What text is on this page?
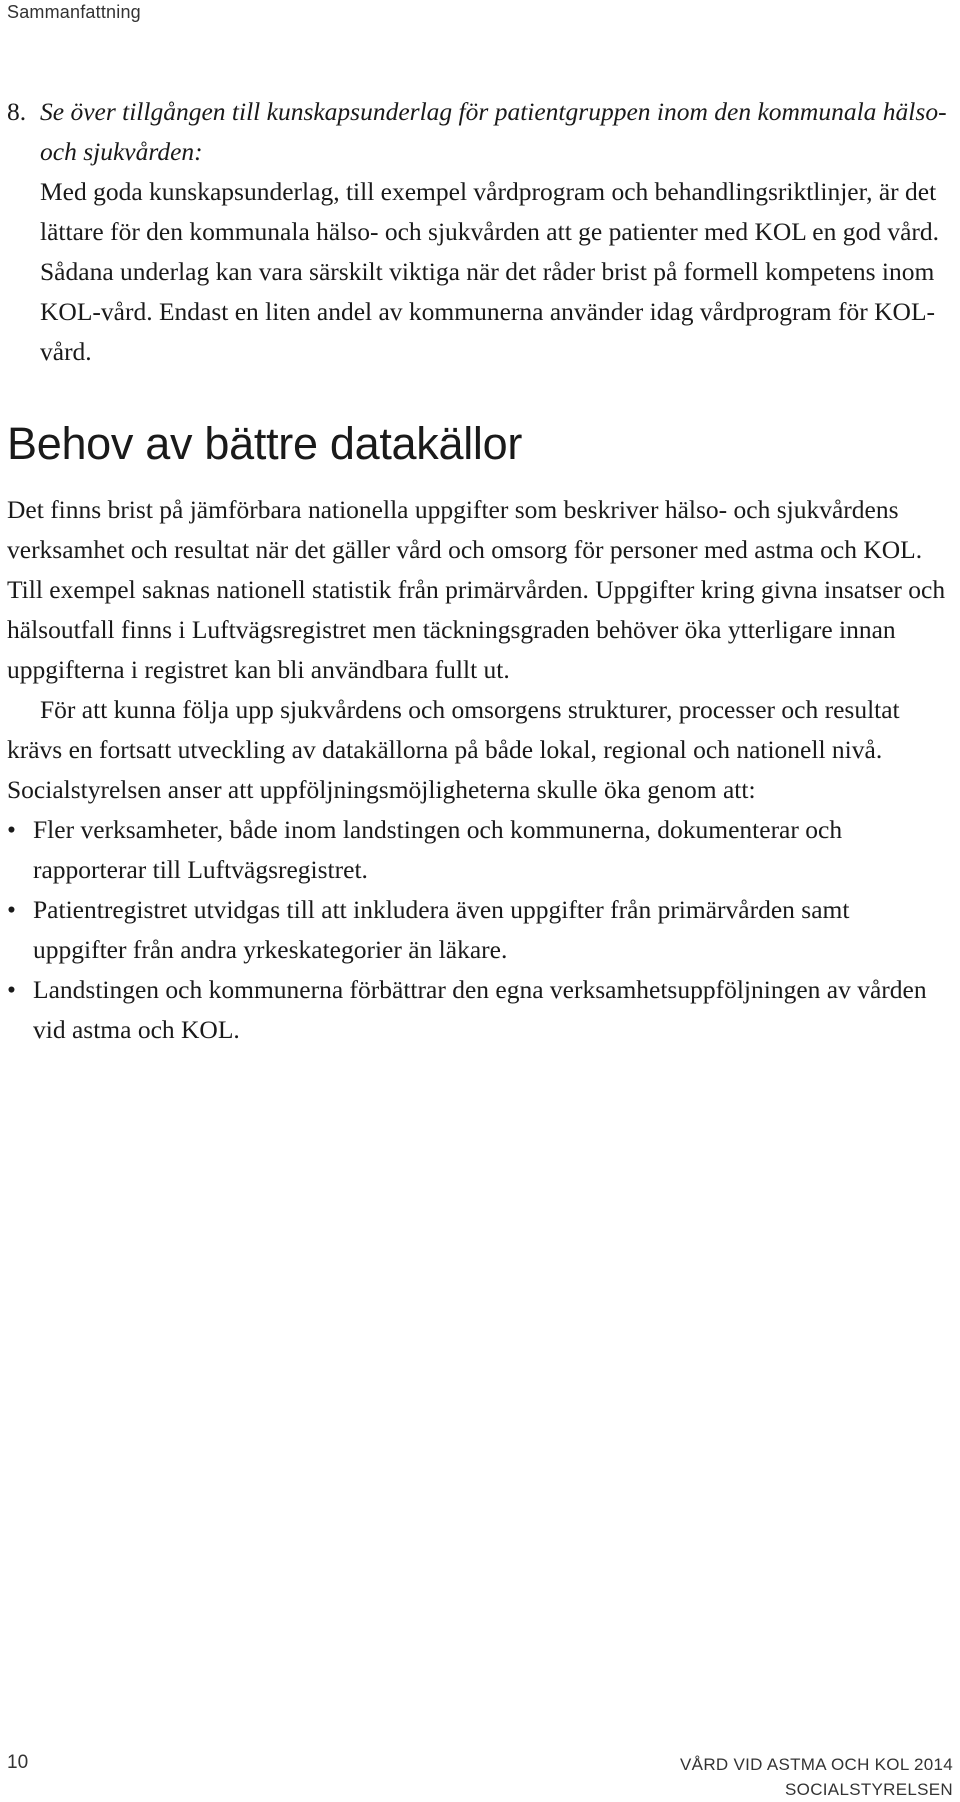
Sammanfattning
8. Se över tillgången till kunskapsunderlag för patientgruppen inom den kommunala hälso- och sjukvården:
Med goda kunskapsunderlag, till exempel vårdprogram och behandlingsriktlinjer, är det lättare för den kommunala hälso- och sjukvården att ge patienter med KOL en god vård. Sådana underlag kan vara särskilt viktiga när det råder brist på formell kompetens inom KOL-vård. Endast en liten andel av kommunerna använder idag vårdprogram för KOL-vård.
Behov av bättre datakällor

Det finns brist på jämförbara nationella uppgifter som beskriver hälso- och sjukvårdens verksamhet och resultat när det gäller vård och omsorg för personer med astma och KOL. Till exempel saknas nationell statistik från primärvården. Uppgifter kring givna insatser och hälsoutfall finns i Luftvägsregistret men täckningsgraden behöver öka ytterligare innan uppgifterna i registret kan bli användbara fullt ut.

För att kunna följa upp sjukvårdens och omsorgens strukturer, processer och resultat krävs en fortsatt utveckling av datakällorna på både lokal, regional och nationell nivå. Socialstyrelsen anser att uppföljningsmöjligheterna skulle öka genom att:

• Fler verksamheter, både inom landstingen och kommunerna, dokumenterar och rapporterar till Luftvägsregistret.
• Patientregistret utvidgas till att inkludera även uppgifter från primärvården samt uppgifter från andra yrkeskategorier än läkare.
• Landstingen och kommunerna förbättrar den egna verksamhetsuppföljningen av vården vid astma och KOL.
10	VÅRD VID ASTMA OCH KOL 2014
SOCIALSTYRELSEN
